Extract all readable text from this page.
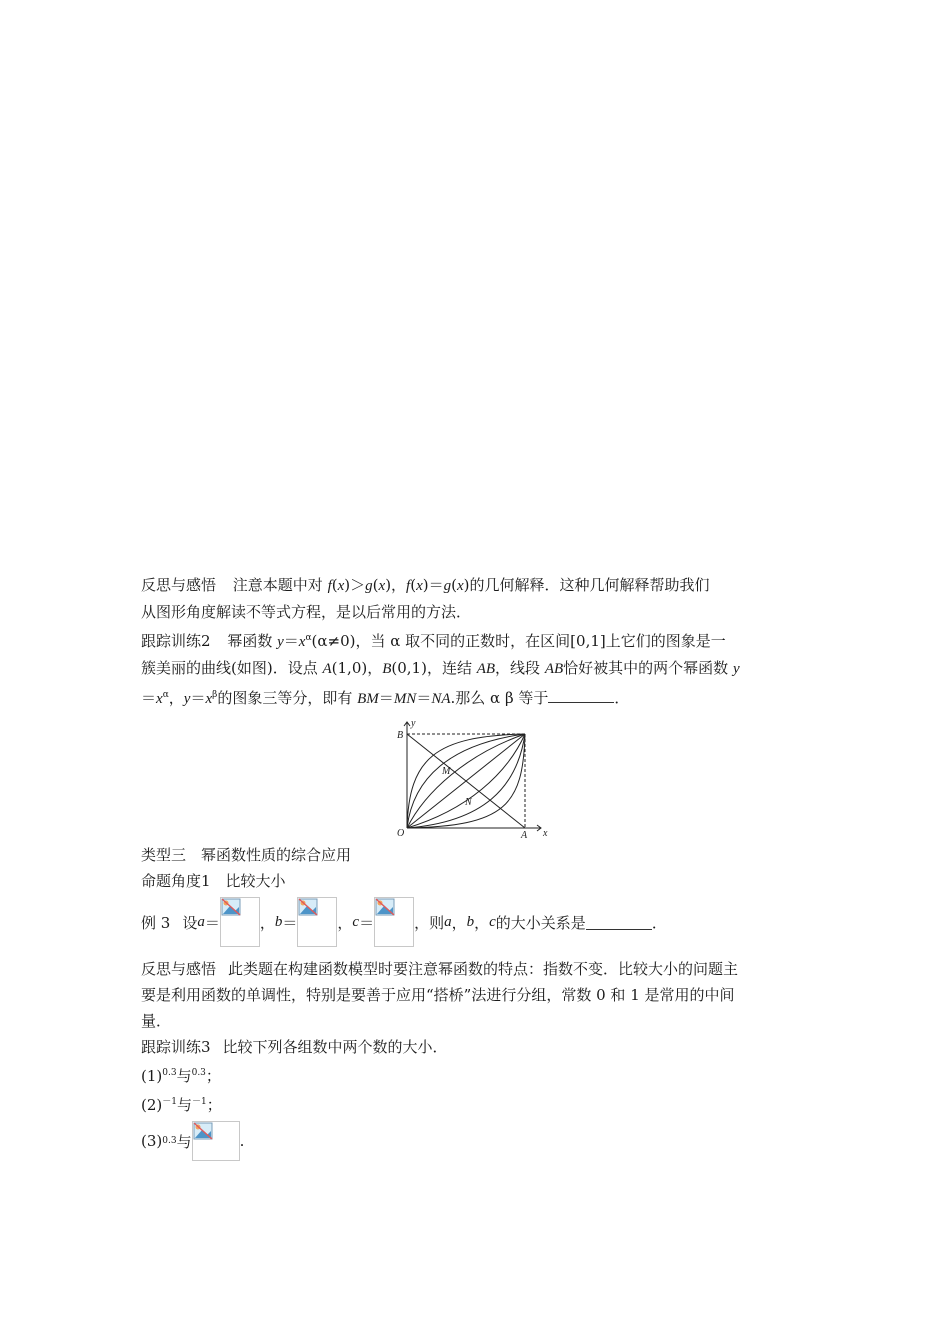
反思与感悟 注意本题中对 f(x)＞g(x)，f(x)＝g(x)的几何解释．这种几何解释帮助我们
从图形角度解读不等式方程，是以后常用的方法．
跟踪训练2 幂函数 $y=x^\alpha(\alpha\ne 0)$，当 α 取不同的正数时，在区间[0,1]上它们的图象是一
簇美丽的曲线(如图)．设点 A(1,0)，B(0,1)，连结 AB，线段 AB恰好被其中的两个幂函数 y
$=x^\alpha$，$y=x^\beta$的图象三等分，即有 BM＝MN＝NA.那么 α β 等于	．
y
x
O	A
B
M
N
类型三　幂函数性质的综合应用
命题角度1　比较大小
例 3 设 a ＝	， b ＝	， c ＝	，则 a ， b ， c 的大小关系是	．
反思与感悟 此类题在构建函数模型时要注意幂函数的特点：指数不变．比较大小的问题主
要是利用函数的单调性，特别是要善于应用“搭桥”法进行分组，常数 0 和 1 是常用的中间
量．
跟踪训练3 比较下列各组数中两个数的大小．
$(1)^{0.3}$与$^{0.3}$；
$(2)^{-1}$与$^{-1}$；
(3) 0.3 与	.
